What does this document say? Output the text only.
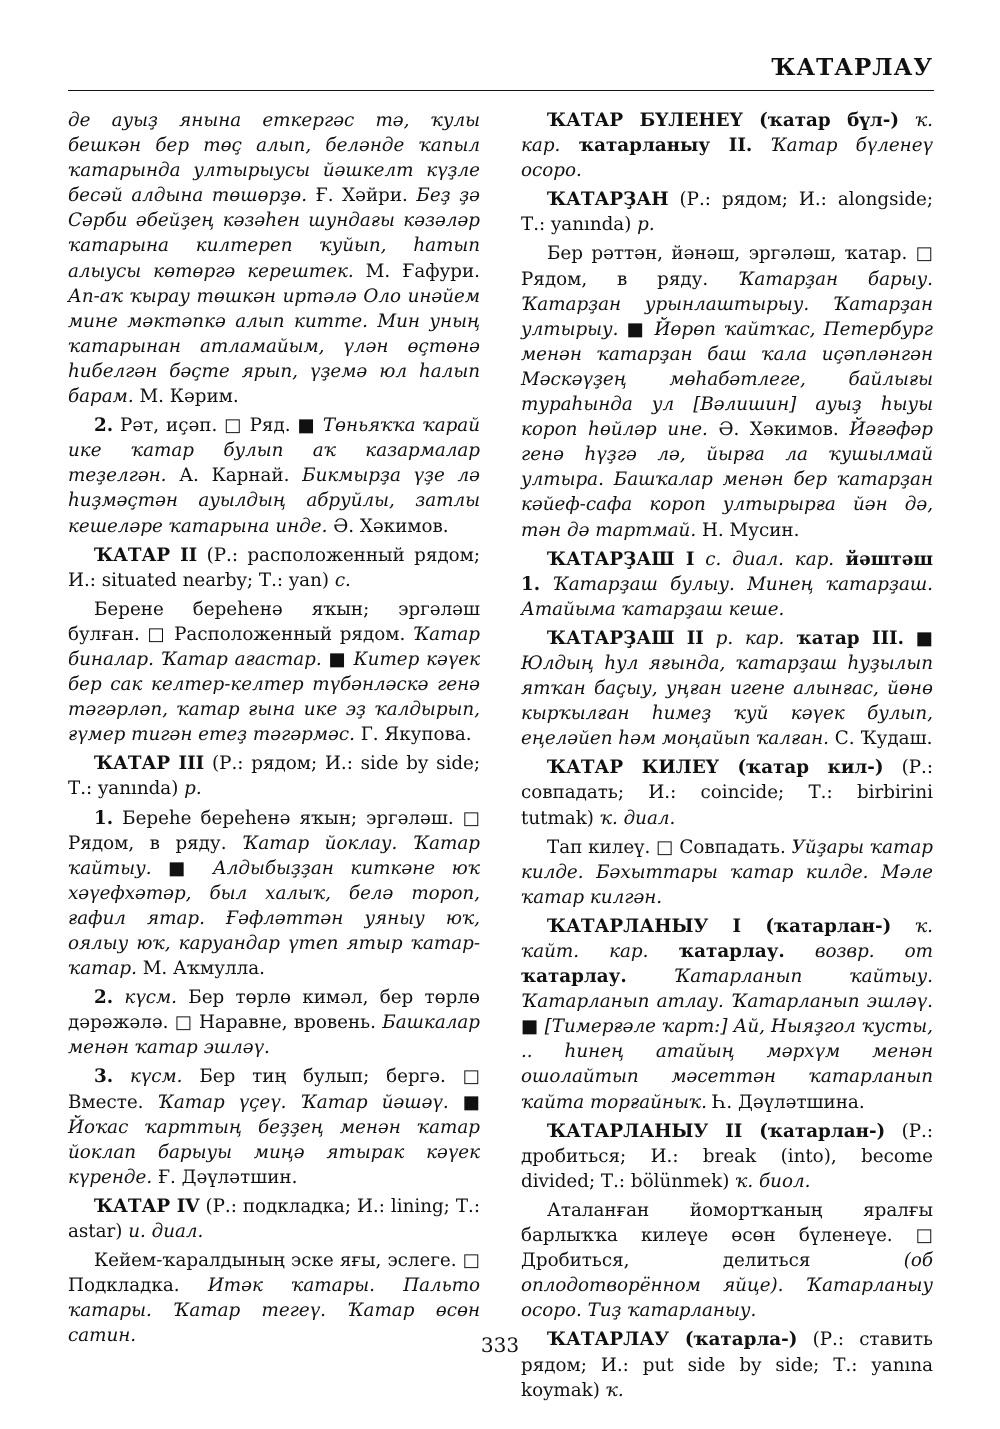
ҠАТАРЛАУ

де ауыҙ янына еткергәс тә, ҡулы бешкән бер төҫ алып, беләнде ҡапыл ҡатарында ултырыусы йәшкелт күҙле бесәй алдына төшөрҙө. Ғ. Хәйри. Беҙ ҙә Сәрби әбейҙең кәзәһен шундағы кәзәләр ҡатарына килтереп ҡуйып, һатып алыусы көтөргә керештек. М. Ғафури. Ап-аҡ ҡырау төшкән иртәлә Оло инәйем мине мәктәпкә алып китте. Мин уның ҡатарынан атламайым, үлән өҫтөнә һибелгән бәҫте ярып, үҙемә юл һалып барам. М. Кәрим.

2. Рәт, иҫәп. □ Ряд. ■ Төньяҡҡа ҡарай ике ҡатар булып аҡ казармалар теҙелгән. А. Карнай. Бикмырҙа үҙе лә һиҙмәҫтән ауылдың абруйлы, затлы кешеләре ҡатарына инде. Ә. Хәкимов.

ҠАТАР II (Р.: расположенный рядом; И.: situated nearby; Т.: yan) с.

Берене береһенә яҡын; эргәләш булған. □ Расположенный рядом. Ҡатар биналар. Ҡатар ағастар. ■ Китер кәүек бер сак келтер-келтер түбәнләскә генә тәгәрләп, ҡатар ғына ике эҙ ҡалдырып, ғүмер тигән етеҙ тәгәрмәс. Г. Якупова.

ҠАТАР III (Р.: рядом; И.: side by side; Т.: yanında) р.

1. Береһе береһенә яҡын; эргәләш. □ Рядом, в ряду. Ҡатар йоклау. Ҡатар ҡайтыу. ■ Алдыбыҙҙан киткәне юҡ хәүефхәтәр, был халыҡ, белә тороп, ғафил ятар. Ғәфләттән уяныу юҡ, оялыу юҡ, каруандар үтеп ятыр ҡатар-ҡатар. М. Аҡмулла.

2. күсм. Бер төрлө кимәл, бер төрлө дәрәжәлә. □ Наравне, вровень. Башкалар менән ҡатар эшләү.

3. күсм. Бер тиң булып; бергә. □ Вместе. Ҡатар үҫеү. Ҡатар йәшәү. ■ Йоҡас ҡарттың беҙҙең менән ҡатар йоклап барыуы миңә ятырак кәүек күренде. Ғ. Дәүләтшин.

ҠАТАР IV (Р.: подкладка; И.: lining; Т.: astar) и. диал.

Кейем-ҡаралдының эске яғы, эслеге. □ Подкладка. Итәк ҡатары. Пальто ҡатары. Ҡатар тегеү. Ҡатар өсөн сатин.

ҠАТАР БҮЛЕНЕҮ (ҡатар бүл-) ҡ. кар. ҡатарланыу II. Ҡатар бүленеү осоро.

ҠАТАРҘАН (Р.: рядом; И.: alongside; Т.: yanında) р.

Бер рәттән, йәнәш, эргәләш, ҡатар. □ Рядом, в ряду. Ҡатарҙан барыу. Ҡатарҙан урынлаштырыу. Ҡатарҙан ултырыу. ■ Йөрөп ҡайтҡас, Петербург менән ҡатарҙан баш ҡала иҫәпләнгән Мәскәүҙең мөһабәтлеге, байлығы тураһында ул [Вәлишин] ауыҙ һыуы короп һөйләр ине. Ә. Хәкимов. Йәғәфәр генә һүҙгә лә, йырға ла ҡушылмай ултыра. Башҡалар менән бер ҡатарҙан кәйеф-сафа короп ултырырға йән дә, тән дә тартмай. Н. Мусин.

ҠАТАРҘАШ I с. диал. кар. йәштәш 1. Ҡатарҙаш булыу. Минең ҡатарҙаш. Атайыма ҡатарҙаш кеше.

ҠАТАРҘАШ II р. кар. ҡатар III. ■ Юлдың һул яғында, ҡатарҙаш һуҙылып ятҡан баҫыу, уңған игене алынғас, йөнө кырҡылған һимеҙ ҡуй кәүек булып, еңеләйеп һәм моңайып ҡалған. С. Ҡудаш.

ҠАТАР КИЛЕҮ (ҡатар кил-) (Р.: совпадать; И.: coincide; Т.: birbirini tutmak) ҡ. диал.

Тап килеү. □ Совпадать. Уйҙары ҡатар килде. Бәхыттары ҡатар килде. Мәле ҡатар килгән.

ҠАТАРЛАНЫУ I (ҡатарлан-) ҡ. ҡайт. кар. ҡатарлау. возвр. от ҡатарлау. Ҡатарланып ҡайтыу. Ҡатарланып атлау. Ҡатарланып эшләү. ■ [Тимерғәле ҡарт:] Ай, Ныяҙгол ҡусты, .. һинең атайың мәрхүм менән ошолайтып мәсеттән ҡатарланып ҡайта торғайныҡ. Һ. Дәүләтшина.

ҠАТАРЛАНЫУ II (ҡатарлан-) (Р.: дробиться; И.: break (into), become divided; Т.: bölünmek) ҡ. биол.

Аталанған йомортҡаның яралғы барлыҡҡа килеүе өсөн бүленеүе. □ Дробиться, делиться (об оплодотворённом яйце). Ҡатарланыу осоро. Тиҙ ҡатарланыу.

ҠАТАРЛАУ (ҡатарла-) (Р.: ставить рядом; И.: put side by side; Т.: yanına koymak) ҡ.

333
